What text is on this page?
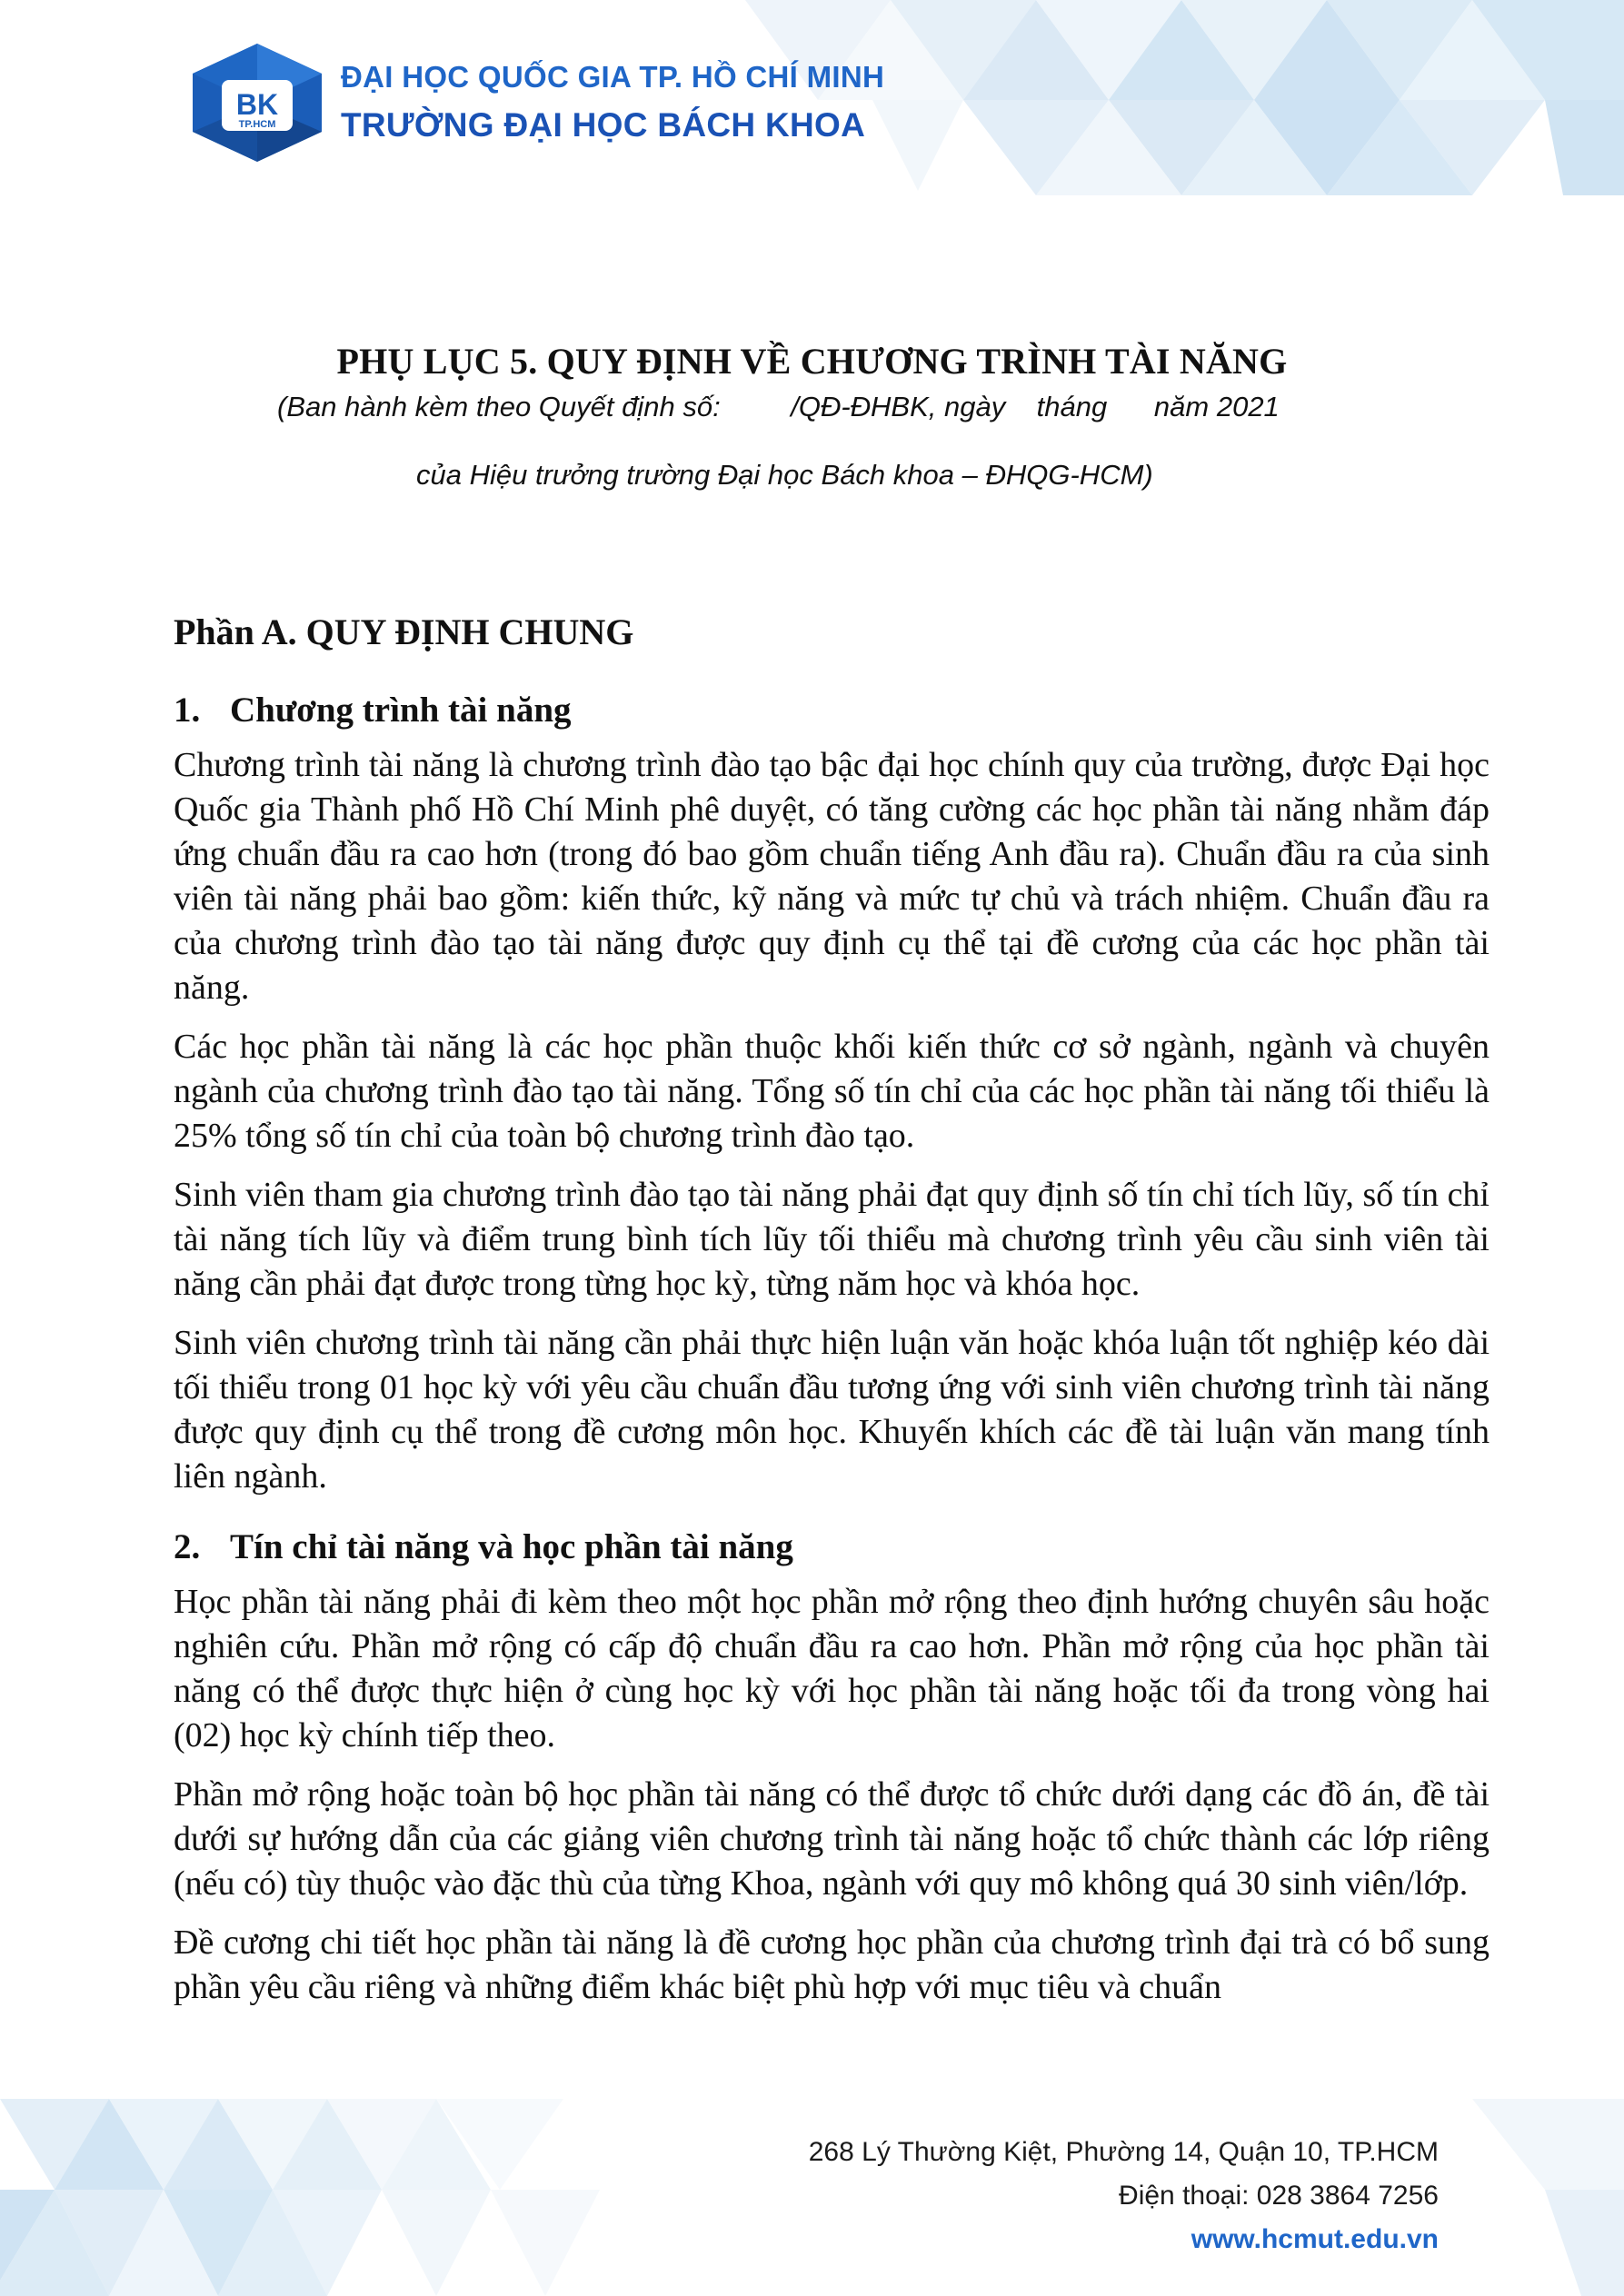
BK
TP.HCM
ĐẠI HỌC QUỐC GIA TP. HỒ CHÍ MINH
TRƯỜNG ĐẠI HỌC BÁCH KHOA
PHỤ LỤC 5. QUY ĐỊNH VỀ CHƯƠNG TRÌNH TÀI NĂNG
(Ban hành kèm theo Quyết định số:         /QĐ-ĐHBK, ngày    tháng      năm 2021
của Hiệu trưởng trường Đại học Bách khoa – ĐHQG-HCM)
Phần A. QUY ĐỊNH CHUNG
1. Chương trình tài năng

Chương trình tài năng là chương trình đào tạo bậc đại học chính quy của trường, được Đại học Quốc gia Thành phố Hồ Chí Minh phê duyệt, có tăng cường các học phần tài năng nhằm đáp ứng chuẩn đầu ra cao hơn (trong đó bao gồm chuẩn tiếng Anh đầu ra). Chuẩn đầu ra của sinh viên tài năng phải bao gồm: kiến thức, kỹ năng và mức tự chủ và trách nhiệm. Chuẩn đầu ra của chương trình đào tạo tài năng được quy định cụ thể tại đề cương của các học phần tài năng.

Các học phần tài năng là các học phần thuộc khối kiến thức cơ sở ngành, ngành và chuyên ngành của chương trình đào tạo tài năng. Tổng số tín chỉ của các học phần tài năng tối thiểu là 25% tổng số tín chỉ của toàn bộ chương trình đào tạo.

Sinh viên tham gia chương trình đào tạo tài năng phải đạt quy định số tín chỉ tích lũy, số tín chỉ tài năng tích lũy và điểm trung bình tích lũy tối thiểu mà chương trình yêu cầu sinh viên tài năng cần phải đạt được trong từng học kỳ, từng năm học và khóa học.

Sinh viên chương trình tài năng cần phải thực hiện luận văn hoặc khóa luận tốt nghiệp kéo dài tối thiểu trong 01 học kỳ với yêu cầu chuẩn đầu tương ứng với sinh viên chương trình tài năng được quy định cụ thể trong đề cương môn học. Khuyến khích các đề tài luận văn mang tính liên ngành.

2. Tín chỉ tài năng và học phần tài năng

Học phần tài năng phải đi kèm theo một học phần mở rộng theo định hướng chuyên sâu hoặc nghiên cứu. Phần mở rộng có cấp độ chuẩn đầu ra cao hơn. Phần mở rộng của học phần tài năng có thể được thực hiện ở cùng học kỳ với học phần tài năng hoặc tối đa trong vòng hai (02) học kỳ chính tiếp theo.

Phần mở rộng hoặc toàn bộ học phần tài năng có thể được tổ chức dưới dạng các đồ án, đề tài dưới sự hướng dẫn của các giảng viên chương trình tài năng hoặc tổ chức thành các lớp riêng (nếu có) tùy thuộc vào đặc thù của từng Khoa, ngành với quy mô không quá 30 sinh viên/lớp.

Đề cương chi tiết học phần tài năng là đề cương học phần của chương trình đại trà có bổ sung phần yêu cầu riêng và những điểm khác biệt phù hợp với mục tiêu và chuẩn

268 Lý Thường Kiệt, Phường 14, Quận 10, TP.HCM
Điện thoại: 028 3864 7256
www.hcmut.edu.vn
